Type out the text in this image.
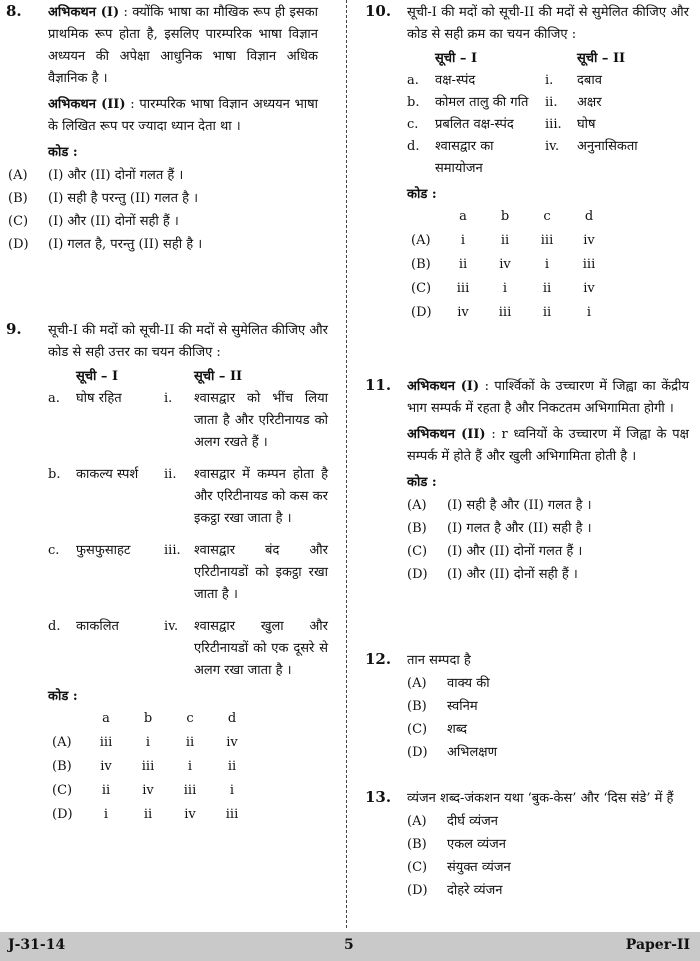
8. अभिकथन (I) : क्योंकि भाषा का मौखिक रूप ही इसका प्राथमिक रूप होता है, इसलिए पारम्परिक भाषा विज्ञान अध्ययन की अपेक्षा आधुनिक भाषा विज्ञान अधिक वैज्ञानिक है ।
अभिकथन (II) : पारम्परिक भाषा विज्ञान अध्ययन भाषा के लिखित रूप पर ज्यादा ध्यान देता था ।
कोड :
(A) (I) और (II) दोनों गलत हैं ।
(B) (I) सही है परन्तु (II) गलत है ।
(C) (I) और (II) दोनों सही हैं ।
(D) (I) गलत है, परन्तु (II) सही है ।
9. सूची-I की मदों को सूची-II की मदों से सुमेलित कीजिए और कोड से सही उत्तर का चयन कीजिए :
	सूची – I		सूची – II
a.	घोष रहित	i.	श्वासद्वार को भींच लिया जाता है और एरिटीनायड को अलग रखते हैं ।
b.	काकल्य स्पर्श	ii.	श्वासद्वार में कम्पन होता है और एरिटीनायड को कस कर इकट्ठा रखा जाता है ।
c.	फुसफुसाहट	iii.	श्वासद्वार बंद और एरिटीनायडों को इकट्ठा रखा जाता है ।
d.	काकलित	iv.	श्वासद्वार खुला और एरिटीनायडों को एक दूसरे से अलग रखा जाता है ।
कोड :
	a	b	c	d
(A)	iii	i	ii	iv
(B)	iv	iii	i	ii
(C)	ii	iv	iii	i
(D)	i	ii	iv	iii
10. सूची-I की मदों को सूची-II की मदों से सुमेलित कीजिए और कोड से सही क्रम का चयन कीजिए :
	सूची – I		सूची – II
a.	वक्ष-स्पंद	i.	दबाव
b.	कोमल तालु की गति	ii.	अक्षर
c.	प्रबलित वक्ष-स्पंद	iii.	घोष
d.	श्वासद्वार का समायोजन	iv.	अनुनासिकता
कोड :
	a	b	c	d
(A)	i	ii	iii	iv
(B)	ii	iv	i	iii
(C)	iii	i	ii	iv
(D)	iv	iii	ii	i
11. अभिकथन (I) : पार्श्विकों के उच्चारण में जिह्वा का केंद्रीय भाग सम्पर्क में रहता है और निकटतम अभिगामिता होगी ।
अभिकथन (II) : r ध्वनियों के उच्चारण में जिह्वा के पक्ष सम्पर्क में होते हैं और खुली अभिगामिता होती है ।
कोड :
(A) (I) सही है और (II) गलत है ।
(B) (I) गलत है और (II) सही है ।
(C) (I) और (II) दोनों गलत हैं ।
(D) (I) और (II) दोनों सही हैं ।
12. तान सम्पदा है
(A) वाक्य की
(B) स्वनिम
(C) शब्द
(D) अभिलक्षण
13. व्यंजन शब्द-जंकशन यथा ‘बुक-केस’ और ‘दिस संडे’ में हैं
(A) दीर्घ व्यंजन
(B) एकल व्यंजन
(C) संयुक्त व्यंजन
(D) दोहरे व्यंजन
J-31-14	5	Paper-II
